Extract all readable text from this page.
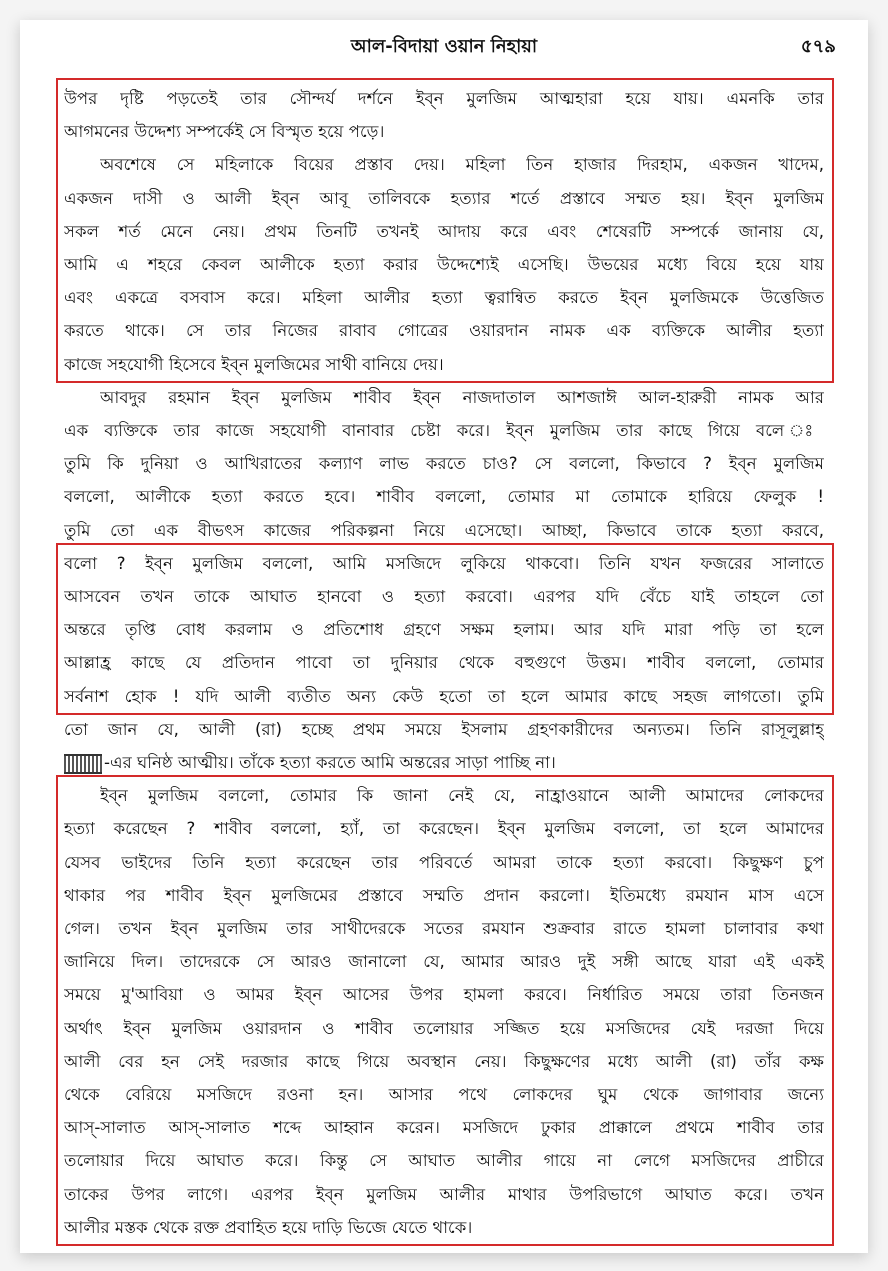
আল-বিদায়া ওয়ান নিহায়া	৫৭৯
উপর দৃষ্টি পড়তেই তার সৌন্দর্য দর্শনে ইব্ন মুলজিম আত্মহারা হয়ে যায়। এমনকি তার
আগমনের উদ্দেশ্য সম্পর্কেই সে বিস্মৃত হয়ে পড়ে।
অবশেষে সে মহিলাকে বিয়ের প্রস্তাব দেয়। মহিলা তিন হাজার দিরহাম, একজন খাদেম,
একজন দাসী ও আলী ইব্ন আবূ তালিবকে হত্যার শর্তে প্রস্তাবে সম্মত হয়। ইব্ন মুলজিম
সকল শর্ত মেনে নেয়। প্রথম তিনটি তখনই আদায় করে এবং শেষেরটি সম্পর্কে জানায় যে,
আমি এ শহরে কেবল আলীকে হত্যা করার উদ্দেশ্যেই এসেছি। উভয়ের মধ্যে বিয়ে হয়ে যায়
এবং একত্রে বসবাস করে। মহিলা আলীর হত্যা ত্বরান্বিত করতে ইব্ন মুলজিমকে উত্তেজিত
করতে থাকে। সে তার নিজের রাবাব গোত্রের ওয়ারদান নামক এক ব্যক্তিকে আলীর হত্যা
কাজে সহযোগী হিসেবে ইব্ন মুলজিমের সাথী বানিয়ে দেয়।
আবদুর রহমান ইব্ন মুলজিম শাবীব ইব্ন নাজদাতাল আশজাঈ আল-হারুরী নামক আর
এক ব্যক্তিকে তার কাজে সহযোগী বানাবার চেষ্টা করে। ইব্ন মুলজিম তার কাছে গিয়ে বলে ঃ
তুমি কি দুনিয়া ও আখিরাতের কল্যাণ লাভ করতে চাও? সে বললো, কিভাবে ? ইব্ন মুলজিম
বললো, আলীকে হত্যা করতে হবে। শাবীব বললো, তোমার মা তোমাকে হারিয়ে ফেলুক !
তুমি তো এক বীভৎস কাজের পরিকল্পনা নিয়ে এসেছো। আচ্ছা, কিভাবে তাকে হত্যা করবে,
বলো ? ইব্ন মুলজিম বললো, আমি মসজিদে লুকিয়ে থাকবো। তিনি যখন ফজরের সালাতে
আসবেন তখন তাকে আঘাত হানবো ও হত্যা করবো। এরপর যদি বেঁচে যাই তাহলে তো
অন্তরে তৃপ্তি বোধ করলাম ও প্রতিশোধ গ্রহণে সক্ষম হলাম। আর যদি মারা পড়ি তা হলে
আল্লাহ্র কাছে যে প্রতিদান পাবো তা দুনিয়ার থেকে বহুগুণে উত্তম। শাবীব বললো, তোমার
সর্বনাশ হোক ! যদি আলী ব্যতীত অন্য কেউ হতো তা হলে আমার কাছে সহজ লাগতো। তুমি
তো জান যে, আলী (রা) হচ্ছে প্রথম সময়ে ইসলাম গ্রহণকারীদের অন্যতম। তিনি রাসূলুল্লাহ্
-এর ঘনিষ্ঠ আত্মীয়। তাঁকে হত্যা করতে আমি অন্তরের সাড়া পাচ্ছি না।
ইব্ন মুলজিম বললো, তোমার কি জানা নেই যে, নাহ্রাওয়ানে আলী আমাদের লোকদের
হত্যা করেছেন ? শাবীব বললো, হ্যাঁ, তা করেছেন। ইব্ন মুলজিম বললো, তা হলে আমাদের
যেসব ভাইদের তিনি হত্যা করেছেন তার পরিবর্তে আমরা তাকে হত্যা করবো। কিছুক্ষণ চুপ
থাকার পর শাবীব ইব্ন মুলজিমের প্রস্তাবে সম্মতি প্রদান করলো। ইতিমধ্যে রমযান মাস এসে
গেল। তখন ইব্ন মুলজিম তার সাথীদেরকে সতের রমযান শুক্রবার রাতে হামলা চালাবার কথা
জানিয়ে দিল। তাদেরকে সে আরও জানালো যে, আমার আরও দুই সঙ্গী আছে যারা এই একই
সময়ে মু'আবিয়া ও আমর ইব্ন আসের উপর হামলা করবে। নির্ধারিত সময়ে তারা তিনজন
অর্থাৎ ইব্ন মুলজিম ওয়ারদান ও শাবীব তলোয়ার সজ্জিত হয়ে মসজিদের যেই দরজা দিয়ে
আলী বের হন সেই দরজার কাছে গিয়ে অবস্থান নেয়। কিছুক্ষণের মধ্যে আলী (রা) তাঁর কক্ষ
থেকে বেরিয়ে মসজিদে রওনা হন। আসার পথে লোকদের ঘুম থেকে জাগাবার জন্যে
আস্-সালাত আস্-সালাত শব্দে আহ্বান করেন। মসজিদে ঢুকার প্রাক্কালে প্রথমে শাবীব তার
তলোয়ার দিয়ে আঘাত করে। কিন্তু সে আঘাত আলীর গায়ে না লেগে মসজিদের প্রাচীরে
তাকের উপর লাগে। এরপর ইব্ন মুলজিম আলীর মাথার উপরিভাগে আঘাত করে। তখন
আলীর মস্তক থেকে রক্ত প্রবাহিত হয়ে দাড়ি ভিজে যেতে থাকে।
